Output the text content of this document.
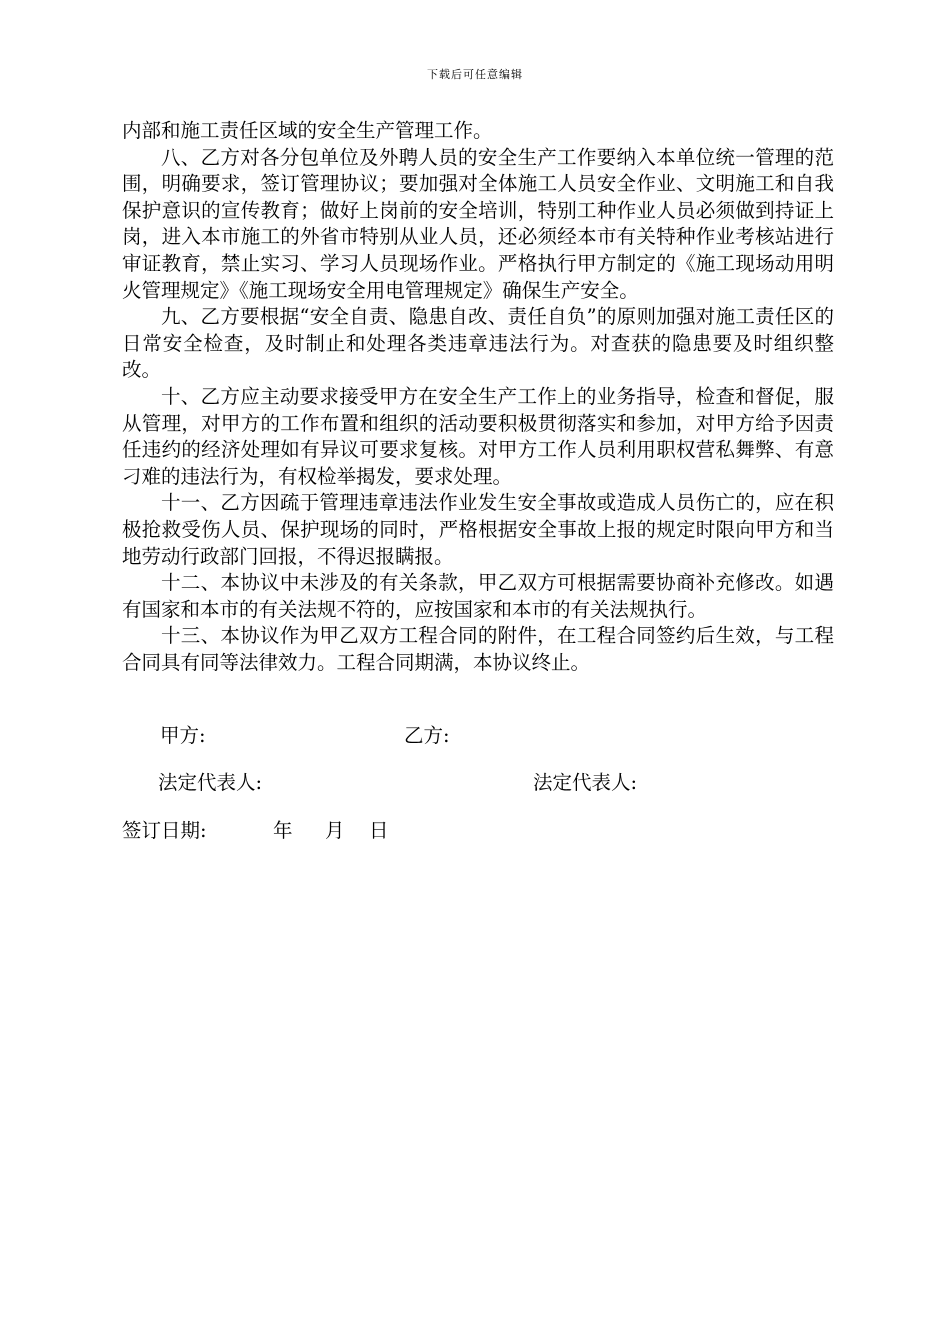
下载后可任意编辑

内部和施工责任区域的安全生产管理工作。

八、乙方对各分包单位及外聘人员的安全生产工作要纳入本单位统一管理的范围，明确要求，签订管理协议；要加强对全体施工人员安全作业、文明施工和自我保护意识的宣传教育；做好上岗前的安全培训，特别工种作业人员必须做到持证上岗，进入本市施工的外省市特别从业人员，还必须经本市有关特种作业考核站进行审证教育，禁止实习、学习人员现场作业。严格执行甲方制定的《施工现场动用明火管理规定》《施工现场安全用电管理规定》确保生产安全。

九、乙方要根据“安全自责、隐患自改、责任自负”的原则加强对施工责任区的日常安全检查，及时制止和处理各类违章违法行为。对查获的隐患要及时组织整改。

十、乙方应主动要求接受甲方在安全生产工作上的业务指导，检查和督促，服从管理，对甲方的工作布置和组织的活动要积极贯彻落实和参加，对甲方给予因责任违约的经济处理如有异议可要求复核。对甲方工作人员利用职权营私舞弊、有意刁难的违法行为，有权检举揭发，要求处理。

十一、乙方因疏于管理违章违法作业发生安全事故或造成人员伤亡的，应在积极抢救受伤人员、保护现场的同时，严格根据安全事故上报的规定时限向甲方和当地劳动行政部门回报，不得迟报瞒报。

十二、本协议中未涉及的有关条款，甲乙双方可根据需要协商补充修改。如遇有国家和本市的有关法规不符的，应按国家和本市的有关法规执行。

十三、本协议作为甲乙双方工程合同的附件，在工程合同签约后生效，与工程合同具有同等法律效力。工程合同期满，本协议终止。

甲方:	乙方:
法定代表人:	法定代表人:
签订日期:	年 月 日
